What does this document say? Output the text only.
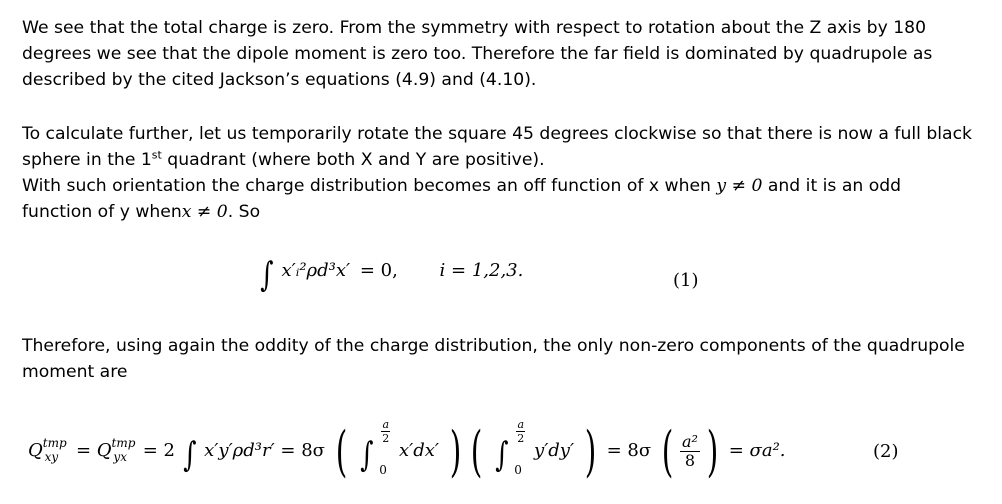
We see that the total charge is zero. From the symmetry with respect to rotation about the Z axis by 180 degrees we see that the dipole moment is zero too. Therefore the far field is dominated by quadrupole as described by the cited Jackson’s equations (4.9) and (4.10).

To calculate further, let us temporarily rotate the square 45 degrees clockwise so that there is now a full black sphere in the 1st quadrant (where both X and Y are positive).
With such orientation the charge distribution becomes an off function of x when y ≠ 0 and it is an odd function of y whenx ≠ 0. So

∫ x′ᵢ²ρd³x′ = 0, i = 1,2,3.	(1)

Therefore, using again the oddity of the charge distribution, the only non-zero components of the quadrupole moment are

$Q^{tmp}_{xy} = Q^{tmp}_{yx} = 2$ ∫ x′y′ρd³r′ = 8σ ( ∫
a
2
0
x′dx′ ) ( ∫
a
2
0
y′dy′ ) = 8σ ( $\frac{\text{a²}}{8}$ ) = σa².	(2)
